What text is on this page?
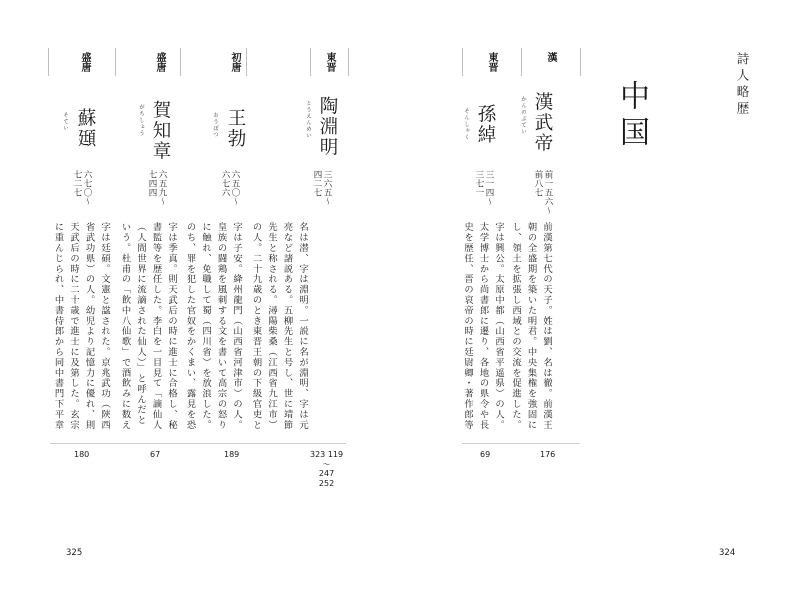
詩人略歴
中国
漢
漢武帝
かんのぶてい
前一五六〜
前八七
前漢第七代の天子。姓は劉、名は徹。前漢王朝の全盛期を築いた明君。中央集権を強固にし、領土を拡張し西域との交流を促進した。
176
東晋
孫綽
そんしゃく
三一四〜
三七一
字は興公。太原中都（山西省平遥県）の人。太学博士から尚書郎に遷り、各地の県令や長史を歴任、晋の哀帝の時に廷尉卿・著作郎等
69
東晋
陶淵明
とうえんめい
三六五〜
四二七
名は潜、字は淵明。一説に名が淵明、字は元亮など諸説ある。五柳先生と号し、世に靖節先生と称される。潯陽柴桑（江西省九江市）の人。二十九歳のとき東晋王朝の下級官吏と
323 119
〜
247
252
初唐
王勃
おうぼつ
六五〇〜
六七六
字は子安。絳州龍門（山西省河津市）の人。皇族の闘鶏を風刺する文を書いて高宗の怒りに触れ、免職して蜀（四川省）を放浪した。のち、罪を犯した官奴をかくまい、露見を恐
189
盛唐
賀知章
がちしょう
六五九〜
七四四
字は季真。則天武后の時に進士に合格し、秘書監等を歴任した。李白を一目見て「謫仙人（人間世界に流謫された仙人）」と呼んだという。杜甫の「飲中八仙歌」で酒飲みに数え
67
盛唐
蘇頲
そてい
六七〇〜
七二七
字は廷碩。文憲と諡された。京兆武功（陝西省武功県）の人。幼児より記憶力に優れ、則天武后の時に二十歳で進士に及第した。玄宗に重んじられ、中書侍郎から同中書門下平章
180
325	324
